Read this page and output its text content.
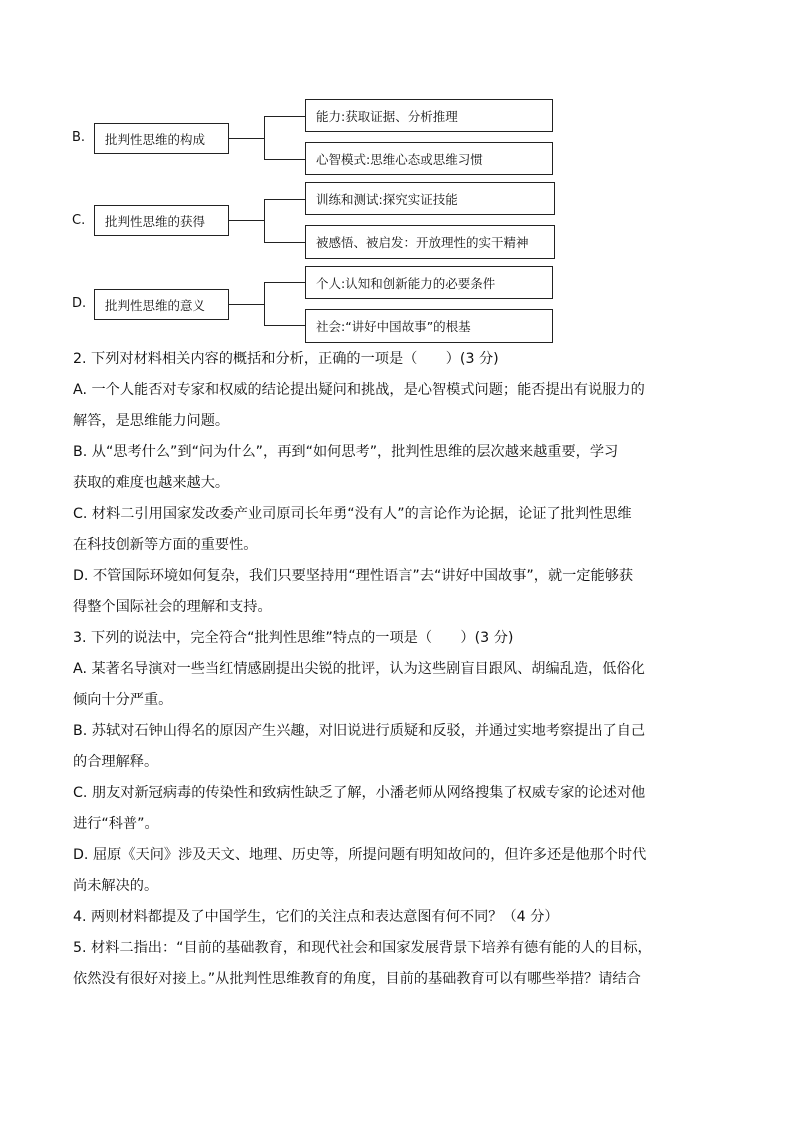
B.	批判性思维的构成
能力:获取证据、分析推理
心智模式:思维心态或思维习惯
C.	批判性思维的获得
训练和测试:探究实证技能
被感悟、被启发：开放理性的实干精神
D.	批判性思维的意义
个人:认知和创新能力的必要条件
社会:“讲好中国故事”的根基

2. 下列对材料相关内容的概括和分析，正确的一项是（　　）(3 分)

A. 一个人能否对专家和权威的结论提出疑问和挑战，是心智模式问题；能否提出有说服力的

解答，是思维能力问题。

B. 从“思考什么”到“问为什么”，再到“如何思考”，批判性思维的层次越来越重要，学习

获取的难度也越来越大。

C. 材料二引用国家发改委产业司原司长年勇“没有人”的言论作为论据，论证了批判性思维

在科技创新等方面的重要性。

D. 不管国际环境如何复杂，我们只要坚持用“理性语言”去“讲好中国故事”，就一定能够获

得整个国际社会的理解和支持。

3. 下列的说法中，完全符合“批判性思维”特点的一项是（　　）(3 分)

A. 某著名导演对一些当红情感剧提出尖锐的批评，认为这些剧盲目跟风、胡编乱造，低俗化

倾向十分严重。

B. 苏轼对石钟山得名的原因产生兴趣，对旧说进行质疑和反驳，并通过实地考察提出了自己

的合理解释。

C. 朋友对新冠病毒的传染性和致病性缺乏了解，小潘老师从网络搜集了权威专家的论述对他

进行“科普”。

D. 屈原《天问》涉及天文、地理、历史等，所提问题有明知故问的，但许多还是他那个时代

尚未解决的。

4. 两则材料都提及了中国学生，它们的关注点和表达意图有何不同？（4 分）

5. 材料二指出：“目前的基础教育，和现代社会和国家发展背景下培养有德有能的人的目标，

依然没有很好对接上。”从批判性思维教育的角度，目前的基础教育可以有哪些举措？请结合
